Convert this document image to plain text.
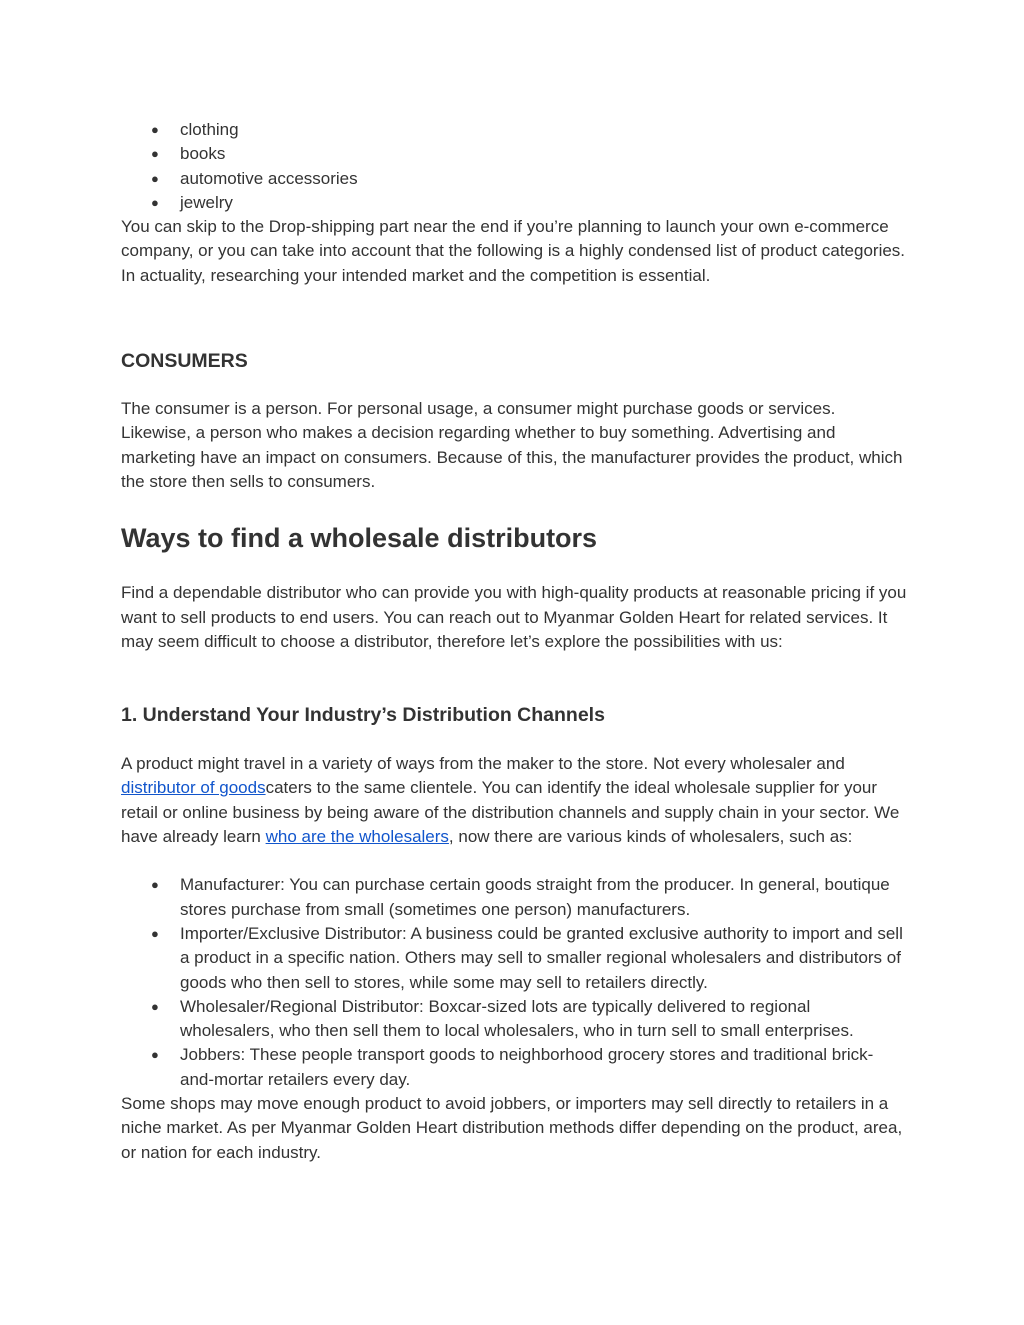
● clothing
● books
● automotive accessories
● jewelry

You can skip to the Drop-shipping part near the end if you’re planning to launch your own e-commerce company, or you can take into account that the following is a highly condensed list of product categories. In actuality, researching your intended market and the competition is essential.

CONSUMERS

The consumer is a person. For personal usage, a consumer might purchase goods or services. Likewise, a person who makes a decision regarding whether to buy something. Advertising and marketing have an impact on consumers. Because of this, the manufacturer provides the product, which the store then sells to consumers.

Ways to find a wholesale distributors

Find a dependable distributor who can provide you with high-quality products at reasonable pricing if you want to sell products to end users. You can reach out to Myanmar Golden Heart for related services. It may seem difficult to choose a distributor, therefore let’s explore the possibilities with us:

1. Understand Your Industry’s Distribution Channels

A product might travel in a variety of ways from the maker to the store. Not every wholesaler and distributor of goodscaters to the same clientele. You can identify the ideal wholesale supplier for your retail or online business by being aware of the distribution channels and supply chain in your sector. We have already learn who are the wholesalers, now there are various kinds of wholesalers, such as:

● Manufacturer: You can purchase certain goods straight from the producer. In general, boutique stores purchase from small (sometimes one person) manufacturers.
● Importer/Exclusive Distributor: A business could be granted exclusive authority to import and sell a product in a specific nation. Others may sell to smaller regional wholesalers and distributors of goods who then sell to stores, while some may sell to retailers directly.
● Wholesaler/Regional Distributor: Boxcar-sized lots are typically delivered to regional wholesalers, who then sell them to local wholesalers, who in turn sell to small enterprises.
● Jobbers: These people transport goods to neighborhood grocery stores and traditional brick-and-mortar retailers every day.

Some shops may move enough product to avoid jobbers, or importers may sell directly to retailers in a niche market. As per Myanmar Golden Heart distribution methods differ depending on the product, area, or nation for each industry.
